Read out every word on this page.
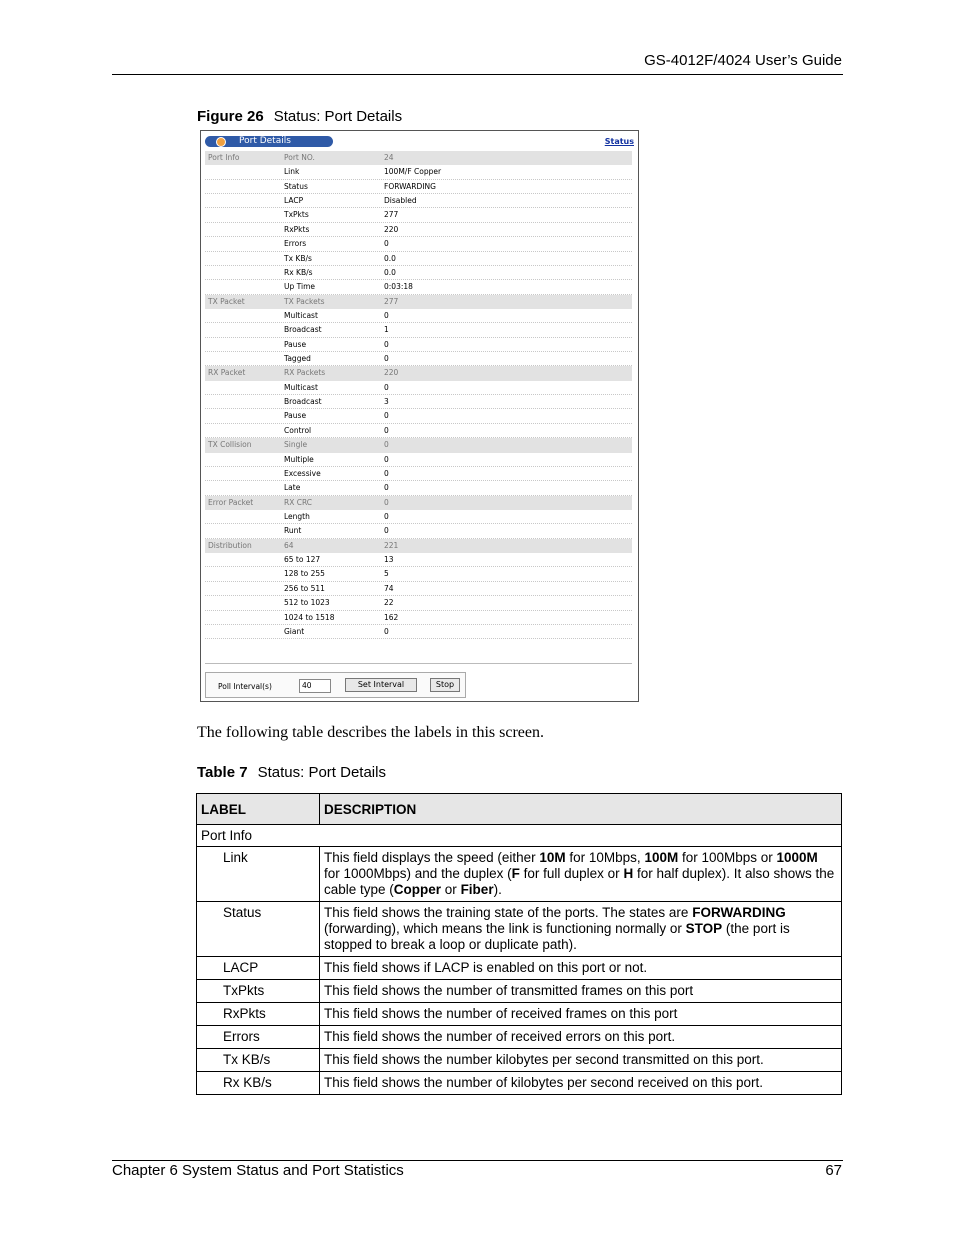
GS-4012F/4024 User’s Guide
Figure 26 Status: Port Details
Port Details	Status
Port Info	Port NO.	24
Link	100M/F Copper
Status	FORWARDING
LACP	Disabled
TxPkts	277
RxPkts	220
Errors	0
Tx KB/s	0.0
Rx KB/s	0.0
Up Time	0:03:18
TX Packet	TX Packets	277
Multicast	0
Broadcast	1
Pause	0
Tagged	0
RX Packet	RX Packets	220
Multicast	0
Broadcast	3
Pause	0
Control	0
TX Collision	Single	0
Multiple	0
Excessive	0
Late	0
Error Packet	RX CRC	0
Length	0
Runt	0
Distribution	64	221
65 to 127	13
128 to 255	5
256 to 511	74
512 to 1023	22
1024 to 1518	162
Giant	0
Poll Interval(s)	40	Set Interval	Stop
The following table describes the labels in this screen.
Table 7 Status: Port Details
LABEL	DESCRIPTION
Port Info	
Link	This field displays the speed (either 10M for 10Mbps, 100M for 100Mbps or 1000M for 1000Mbps) and the duplex (F for full duplex or H for half duplex). It also shows the cable type (Copper or Fiber).
Status	This field shows the training state of the ports. The states are FORWARDING (forwarding), which means the link is functioning normally or STOP (the port is stopped to break a loop or duplicate path).
LACP	This field shows if LACP is enabled on this port or not.
TxPkts	This field shows the number of transmitted frames on this port
RxPkts	This field shows the number of received frames on this port
Errors	This field shows the number of received errors on this port.
Tx KB/s	This field shows the number kilobytes per second transmitted on this port.
Rx KB/s	This field shows the number of kilobytes per second received on this port.
Chapter 6 System Status and Port Statistics	67
